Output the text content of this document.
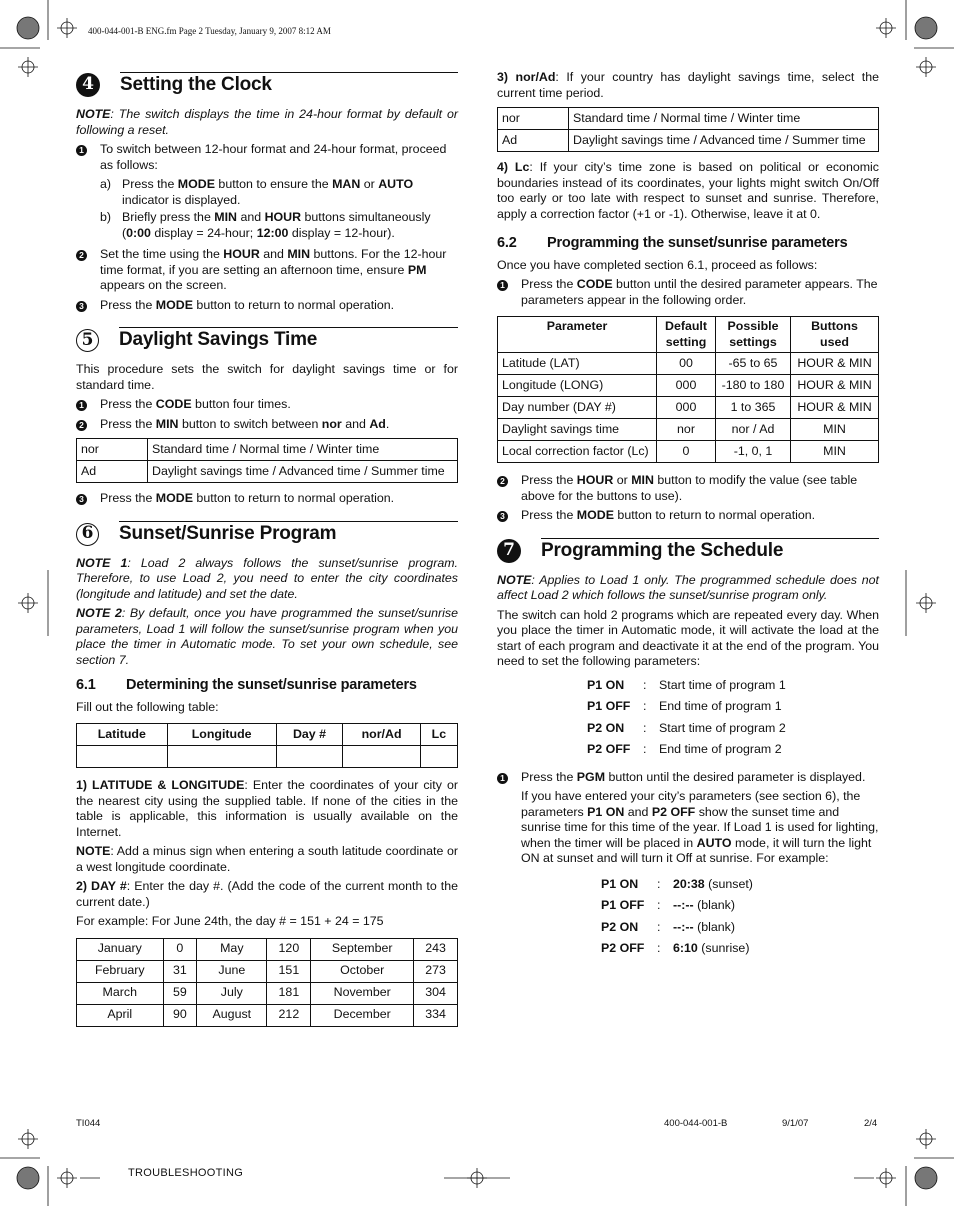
400-044-001-B ENG.fm Page 2 Tuesday, January 9, 2007 8:12 AM
4	Setting the Clock

NOTE: The switch displays the time in 24-hour format by default or following a reset.

1	To switch between 12-hour format and 24-hour format, proceed as follows:
a) Press the MODE button to ensure the MAN or AUTO indicator is displayed.
b) Briefly press the MIN and HOUR buttons simultaneously (0:00 display = 24-hour; 12:00 display = 12-hour).
2	Set the time using the HOUR and MIN buttons. For the 12-hour time format, if you are setting an afternoon time, ensure PM appears on the screen.
3	Press the MODE button to return to normal operation.
5 Daylight Savings Time

This procedure sets the switch for daylight savings time or for standard time.

1	Press the CODE button four times.
2	Press the MIN button to switch between nor and Ad.
nor	Standard time / Normal time / Winter time
Ad	Daylight savings time / Advanced time / Summer time
3	Press the MODE button to return to normal operation.
6 Sunset/Sunrise Program

NOTE 1: Load 2 always follows the sunset/sunrise program. Therefore, to use Load 2, you need to enter the city coordinates (longitude and latitude) and set the date.

NOTE 2: By default, once you have programmed the sunset/sunrise parameters, Load 1 will follow the sunset/sunrise program when you place the timer in Automatic mode. To set your own schedule, see section 7.

6.1 Determining the sunset/sunrise parameters

Fill out the following table:

Latitude	Longitude	Day #	nor/Ad	Lc

1) LATITUDE & LONGITUDE: Enter the coordinates of your city or the nearest city using the supplied table. If none of the cities in the table is applicable, this information is usually available on the Internet.

NOTE: Add a minus sign when entering a south latitude coordinate or a west longitude coordinate.

2) DAY #: Enter the day #. (Add the code of the current month to the current date.)

For example: For June 24th, the day # = 151 + 24 = 175

January	0	May	120	September	243
February	31	June	151	October	273
March	59	July	181	November	304
April	90	August	212	December	334

3) nor/Ad: If your country has daylight savings time, select the current time period.

nor	Standard time / Normal time / Winter time
Ad	Daylight savings time / Advanced time / Summer time

4) Lc: If your city’s time zone is based on political or economic boundaries instead of its coordinates, your lights might switch On/Off too early or too late with respect to sunset and sunrise. Therefore, apply a correction factor (+1 or -1). Otherwise, leave it at 0.

6.2 Programming the sunset/sunrise parameters

Once you have completed section 6.1, proceed as follows:

1	Press the CODE button until the desired parameter appears. The parameters appear in the following order.
Parameter	Default setting	Possible settings	Buttons used
Latitude (LAT)	00	-65 to 65	HOUR & MIN
Longitude (LONG)	000	-180 to 180	HOUR & MIN
Day number (DAY #)	000	1 to 365	HOUR & MIN
Daylight savings time	nor	nor / Ad	MIN
Local correction factor (Lc)	0	-1, 0, 1	MIN
2	Press the HOUR or MIN button to modify the value (see table above for the buttons to use).
3	Press the MODE button to return to normal operation.
7	Programming the Schedule

NOTE: Applies to Load 1 only. The programmed schedule does not affect Load 2 which follows the sunset/sunrise program only.

The switch can hold 2 programs which are repeated every day. When you place the timer in Automatic mode, it will activate the load at the start of each program and deactivate it at the end of the program. You need to set the following parameters:

P1 ON	:	Start time of program 1
P1 OFF	:	End time of program 1
P2 ON	:	Start time of program 2
P2 OFF	:	End time of program 2
1	Press the PGM button until the desired parameter is displayed.

If you have entered your city’s parameters (see section 6), the parameters P1 ON and P2 OFF show the sunset time and sunrise time for this time of the year. If Load 1 is used for lighting, when the timer will be placed in AUTO mode, it will turn the light ON at sunset and will turn it Off at sunrise. For example:

P1 ON	:	20:38 (sunset)
P1 OFF	:	--:-- (blank)
P2 ON	:	--:-- (blank)
P2 OFF	:	6:10 (sunrise)
TI044	400-044-001-B	9/1/07	2/4
TROUBLESHOOTING
